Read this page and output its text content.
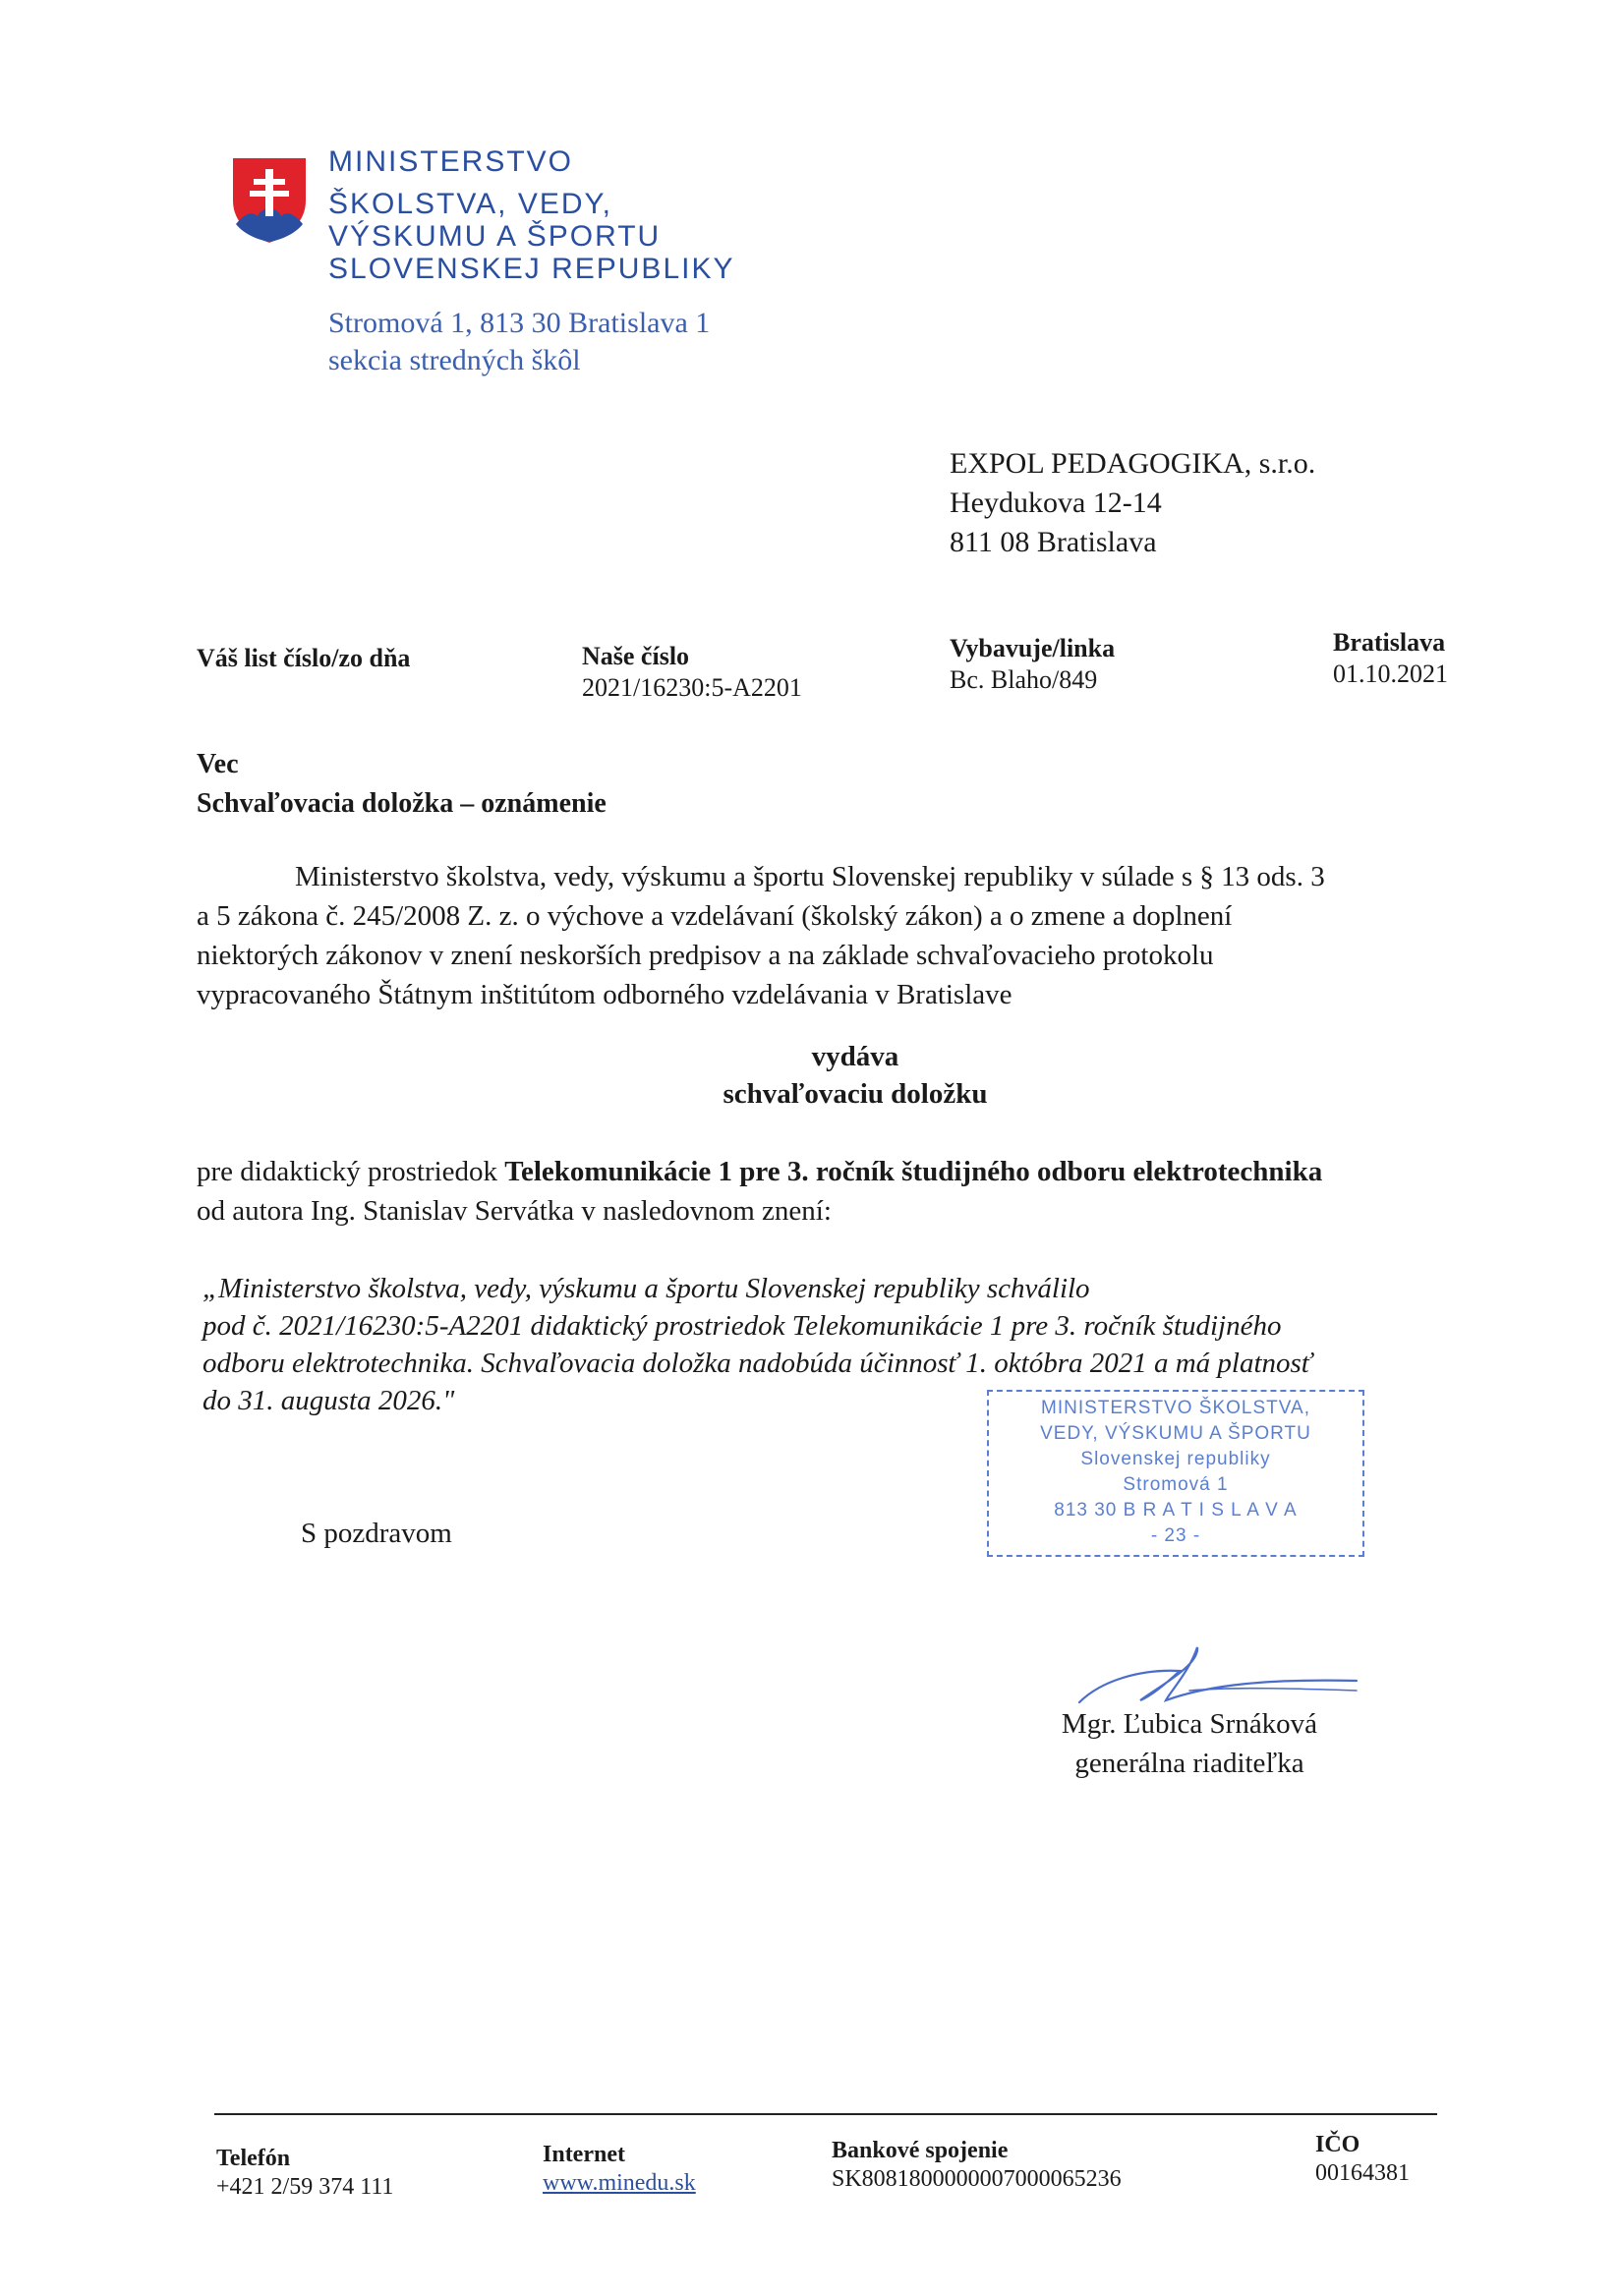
MINISTERSTVO
ŠKOLSTVA, VEDY,
VÝSKUMU A ŠPORTU
SLOVENSKEJ REPUBLIKY
Stromová 1, 813 30 Bratislava 1
sekcia stredných škôl
EXPOL PEDAGOGIKA, s.r.o.
Heydukova 12-14
811 08 Bratislava
Váš list číslo/zo dňa	Naše číslo
2021/16230:5-A2201
Vybavuje/linka
Bc. Blaho/849
Bratislava
01.10.2021
Vec
Schvaľovacia doložka – oznámenie
Ministerstvo školstva, vedy, výskumu a športu Slovenskej republiky v súlade s § 13 ods. 3
a 5 zákona č. 245/2008 Z. z. o výchove a vzdelávaní (školský zákon) a o zmene a doplnení
niektorých zákonov v znení neskorších predpisov a na základe schvaľovacieho protokolu
vypracovaného Štátnym inštitútom odborného vzdelávania v Bratislave
vydáva
schvaľovaciu doložku
pre didaktický prostriedok Telekomunikácie 1 pre 3. ročník študijného odboru elektrotechnika
od autora Ing. Stanislav Servátka v nasledovnom znení:
„Ministerstvo školstva, vedy, výskumu a športu Slovenskej republiky schválilo
pod č. 2021/16230:5-A2201 didaktický prostriedok Telekomunikácie 1 pre 3. ročník študijného
odboru elektrotechnika. Schvaľovacia doložka nadobúda účinnosť 1. októbra 2021 a má platnosť
do 31. augusta 2026."	MINISTERSTVO ŠKOLSTVA,
VEDY, VÝSKUMU A ŠPORTU
Slovenskej republiky
Stromová 1
813 30 B R A T I S L A V A
- 23 -
S pozdravom
Mgr. Ľubica Srnáková
generálna riaditeľka
Telefón
+421 2/59 374 111
Internet
www.minedu.sk
Bankové spojenie
SK8081800000007000065236
IČO
00164381
